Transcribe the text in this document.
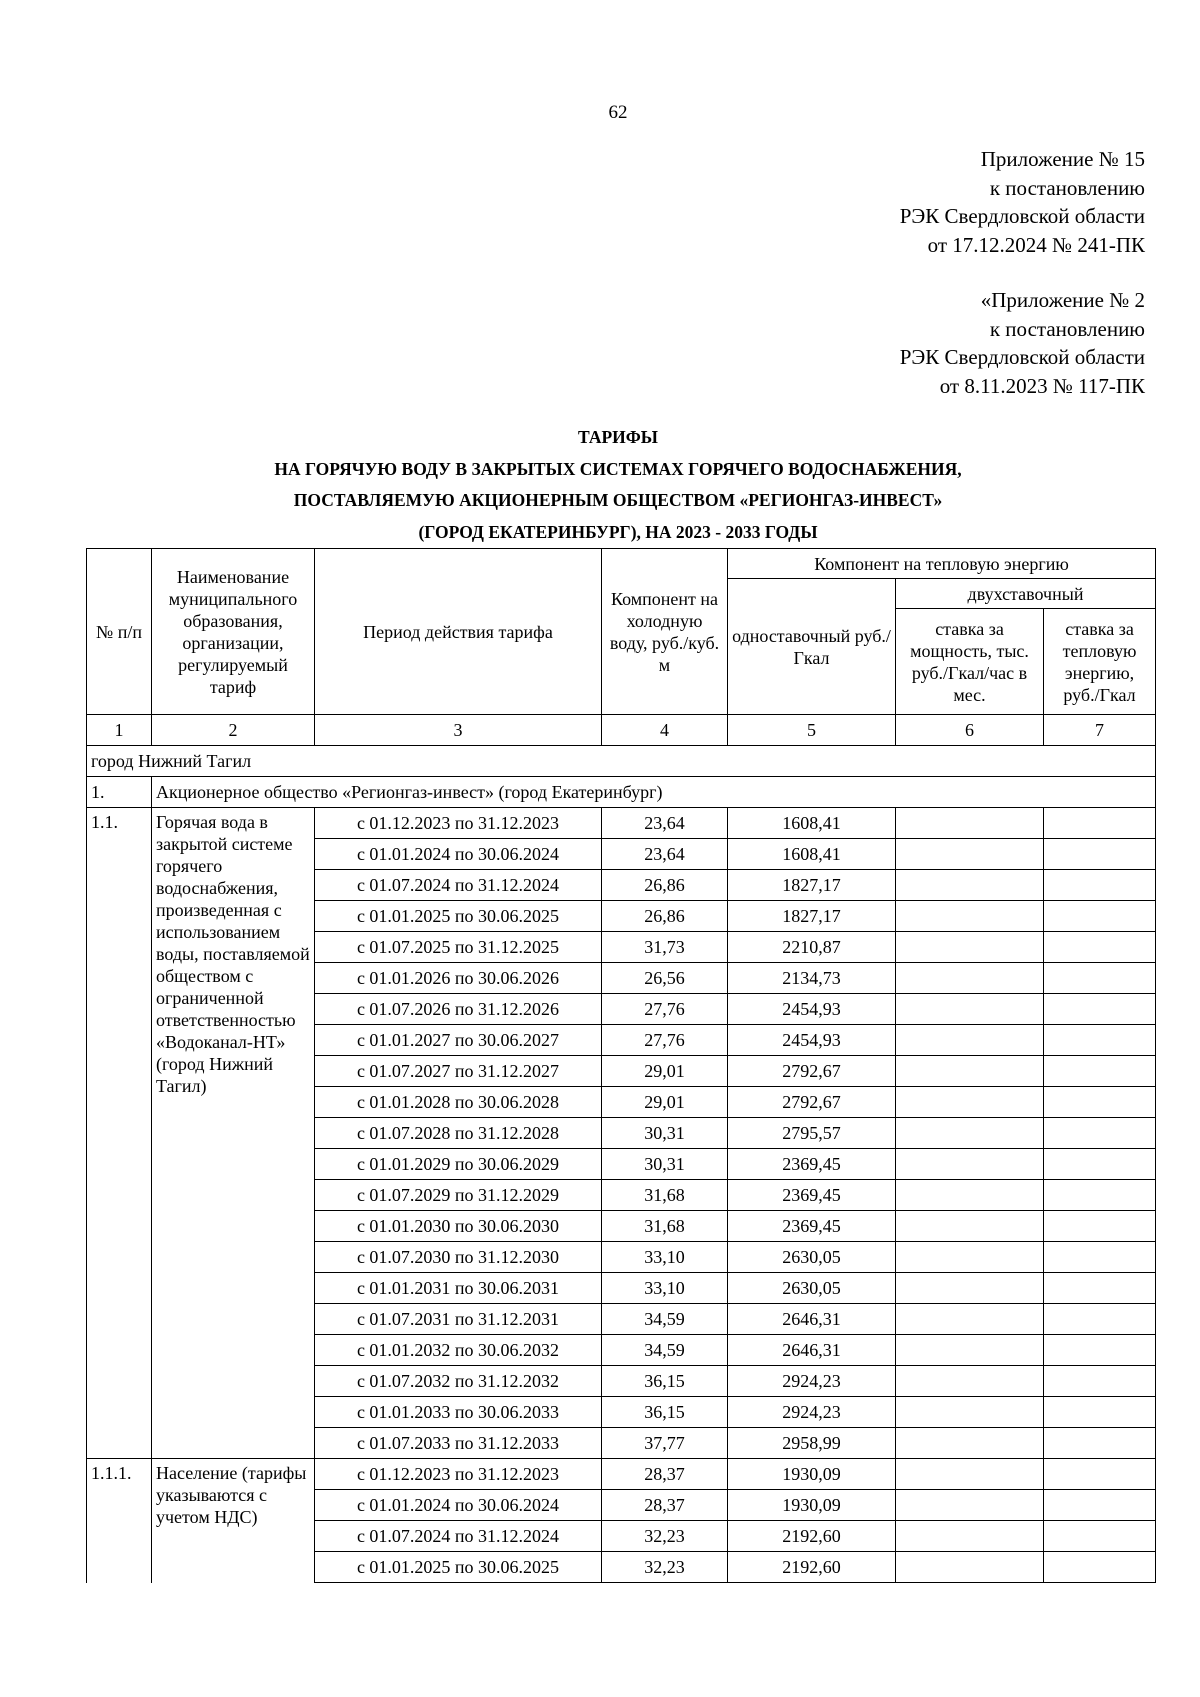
62
Приложение № 15
к постановлению
РЭК Свердловской области
от 17.12.2024 № 241-ПК
«Приложение № 2
к постановлению
РЭК Свердловской области
от 8.11.2023 № 117-ПК
ТАРИФЫ
НА ГОРЯЧУЮ ВОДУ В ЗАКРЫТЫХ СИСТЕМАХ ГОРЯЧЕГО ВОДОСНАБЖЕНИЯ,
ПОСТАВЛЯЕМУЮ АКЦИОНЕРНЫМ ОБЩЕСТВОМ «РЕГИОНГАЗ-ИНВЕСТ»
(ГОРОД ЕКАТЕРИНБУРГ), НА 2023 - 2033 ГОДЫ
№ п/п	Наименование муниципального образования, организации, регулируемый тариф	Период действия тарифа	Компонент на холодную воду, руб./куб. м	Компонент на тепловую энергию		
				одноставочный руб./Гкал	двухставочный	
					ставка за мощность, тыс. руб./Гкал/час в мес.	ставка за тепловую энергию, руб./Гкал
1	2	3	4	5	6	7
город Нижний Тагил						
1.	Акционерное общество «Регионгаз-инвест» (город Екатеринбург)					
1.1.	Горячая вода в закрытой системе горячего водоснабжения, произведенная с использованием воды, поставляемой обществом с ограниченной ответственностью «Водоканал-НТ» (город Нижний Тагил)	с 01.12.2023 по 31.12.2023	23,64	1608,41		
		с 01.01.2024 по 30.06.2024	23,64	1608,41		
		с 01.07.2024 по 31.12.2024	26,86	1827,17		
		с 01.01.2025 по 30.06.2025	26,86	1827,17		
		с 01.07.2025 по 31.12.2025	31,73	2210,87		
		с 01.01.2026 по 30.06.2026	26,56	2134,73		
		с 01.07.2026 по 31.12.2026	27,76	2454,93		
		с 01.01.2027 по 30.06.2027	27,76	2454,93		
		с 01.07.2027 по 31.12.2027	29,01	2792,67		
		с 01.01.2028 по 30.06.2028	29,01	2792,67		
		с 01.07.2028 по 31.12.2028	30,31	2795,57		
		с 01.01.2029 по 30.06.2029	30,31	2369,45		
		с 01.07.2029 по 31.12.2029	31,68	2369,45		
		с 01.01.2030 по 30.06.2030	31,68	2369,45		
		с 01.07.2030 по 31.12.2030	33,10	2630,05		
		с 01.01.2031 по 30.06.2031	33,10	2630,05		
		с 01.07.2031 по 31.12.2031	34,59	2646,31		
		с 01.01.2032 по 30.06.2032	34,59	2646,31		
		с 01.07.2032 по 31.12.2032	36,15	2924,23		
		с 01.01.2033 по 30.06.2033	36,15	2924,23		
		с 01.07.2033 по 31.12.2033	37,77	2958,99		
1.1.1.	Население (тарифы указываются с учетом НДС)	с 01.12.2023 по 31.12.2023	28,37	1930,09		
		с 01.01.2024 по 30.06.2024	28,37	1930,09		
		с 01.07.2024 по 31.12.2024	32,23	2192,60		
		с 01.01.2025 по 30.06.2025	32,23	2192,60		
